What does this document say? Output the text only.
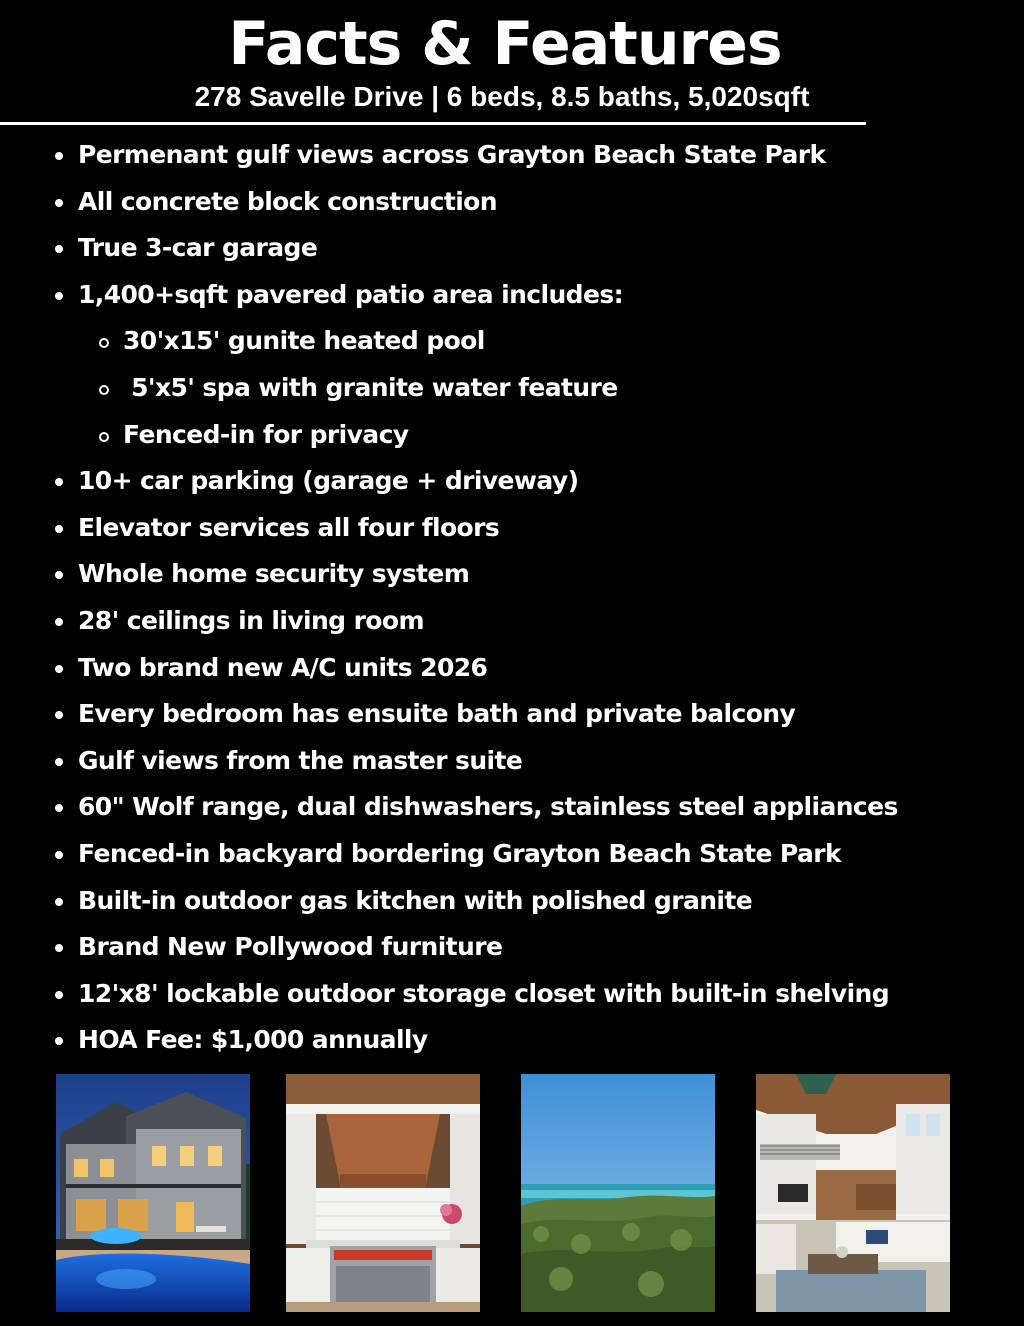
Facts & Features
278 Savelle Drive | 6 beds, 8.5 baths, 5,020sqft
Permenant gulf views across Grayton Beach State Park
All concrete block construction
True 3-car garage
1,400+sqft pavered patio area includes:
30'x15' gunite heated pool
5'x5' spa with granite water feature
Fenced-in for privacy
10+ car parking (garage + driveway)
Elevator services all four floors
Whole home security system
28' ceilings in living room
Two brand new A/C units 2026
Every bedroom has ensuite bath and private balcony
Gulf views from the master suite
60" Wolf range, dual dishwashers, stainless steel appliances
Fenced-in backyard bordering Grayton Beach State Park
Built-in outdoor gas kitchen with polished granite
Brand New Pollywood furniture
12'x8' lockable outdoor storage closet with built-in shelving
HOA Fee: $1,000 annually
